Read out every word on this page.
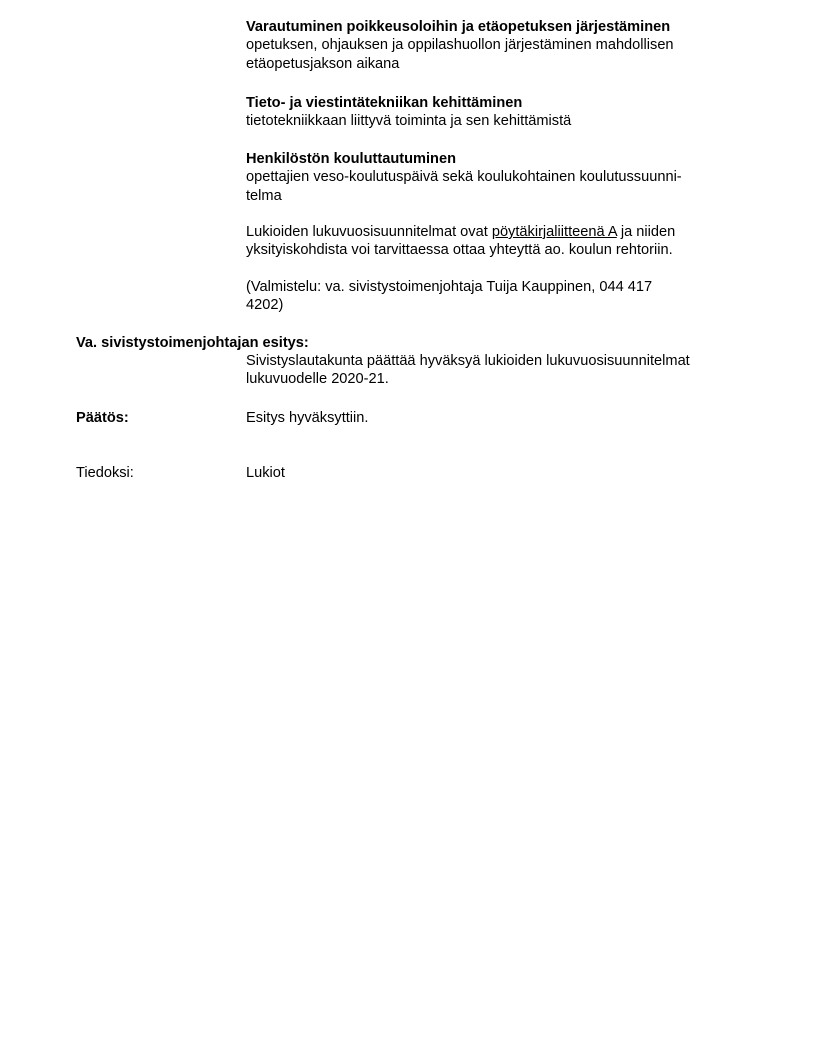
Varautuminen poikkeusoloihin ja etäopetuksen järjestäminen
opetuksen, ohjauksen ja oppilashuollon järjestäminen mahdollisen
etäopetusjakson aikana
Tieto- ja viestintätekniikan kehittäminen
tietotekniikkaan liittyvä toiminta ja sen kehittämistä
Henkilöstön kouluttautuminen
opettajien veso-koulutuspäivä sekä koulukohtainen koulutussuunni-
telma
Lukioiden lukuvuosisuunnitelmat ovat pöytäkirjaliitteenä A ja niiden
yksityiskohdista voi tarvittaessa ottaa yhteyttä ao. koulun rehtoriin.
(Valmistelu: va. sivistystoimenjohtaja Tuija Kauppinen, 044 417
4202)
Va. sivistystoimenjohtajan esitys:
Sivistyslautakunta päättää hyväksyä lukioiden lukuvuosisuunnitelmat
lukuvuodelle 2020-21.
Päätös:	Esitys hyväksyttiin.
Tiedoksi:	Lukiot
